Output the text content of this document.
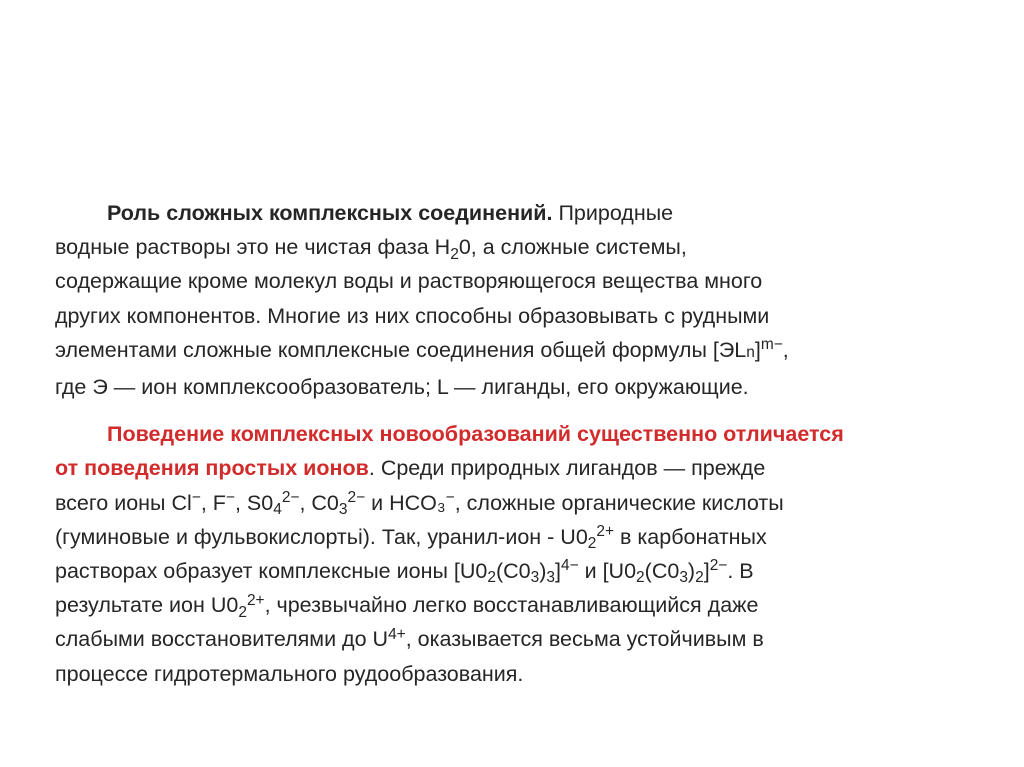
Роль сложных комплексных соединений. Природные
водные растворы это не чистая фаза $Н_20$, а сложные системы,
содержащие кроме молекул воды и растворяющегося вещества много
других компонентов. Многие из них способны образовывать с рудными
элементами сложные комплексные соединения общей формулы [ЭLn]$^{m-}$,
где Э — ион комплексообразователь; L — лиганды, его окружающие.

Поведение комплексных новообразований существенно отличается
от поведения простых ионов. Среди природных лигандов — прежде
всего ионы Cl−, F−, $S0_4^{2-}$, $C0_3^{2-}$ и HCO₃−, сложные органические кислоты
(гуминовые и фульвокислортьі). Так, уранил-ион - $U0_2^{2+}$ в карбонатных
растворах образует комплексные ионы $[U0_2(C0_3)_3]^{4-}$ и $[U0_2(C0_3)_2]^{2-}$. В
результате ион $U0_2^{2+}$, чрезвычайно легко восстанавливающийся даже
слабыми восстановителями до $U^{4+}$, оказывается весьма устойчивым в
процессе гидротермального рудообразования.
